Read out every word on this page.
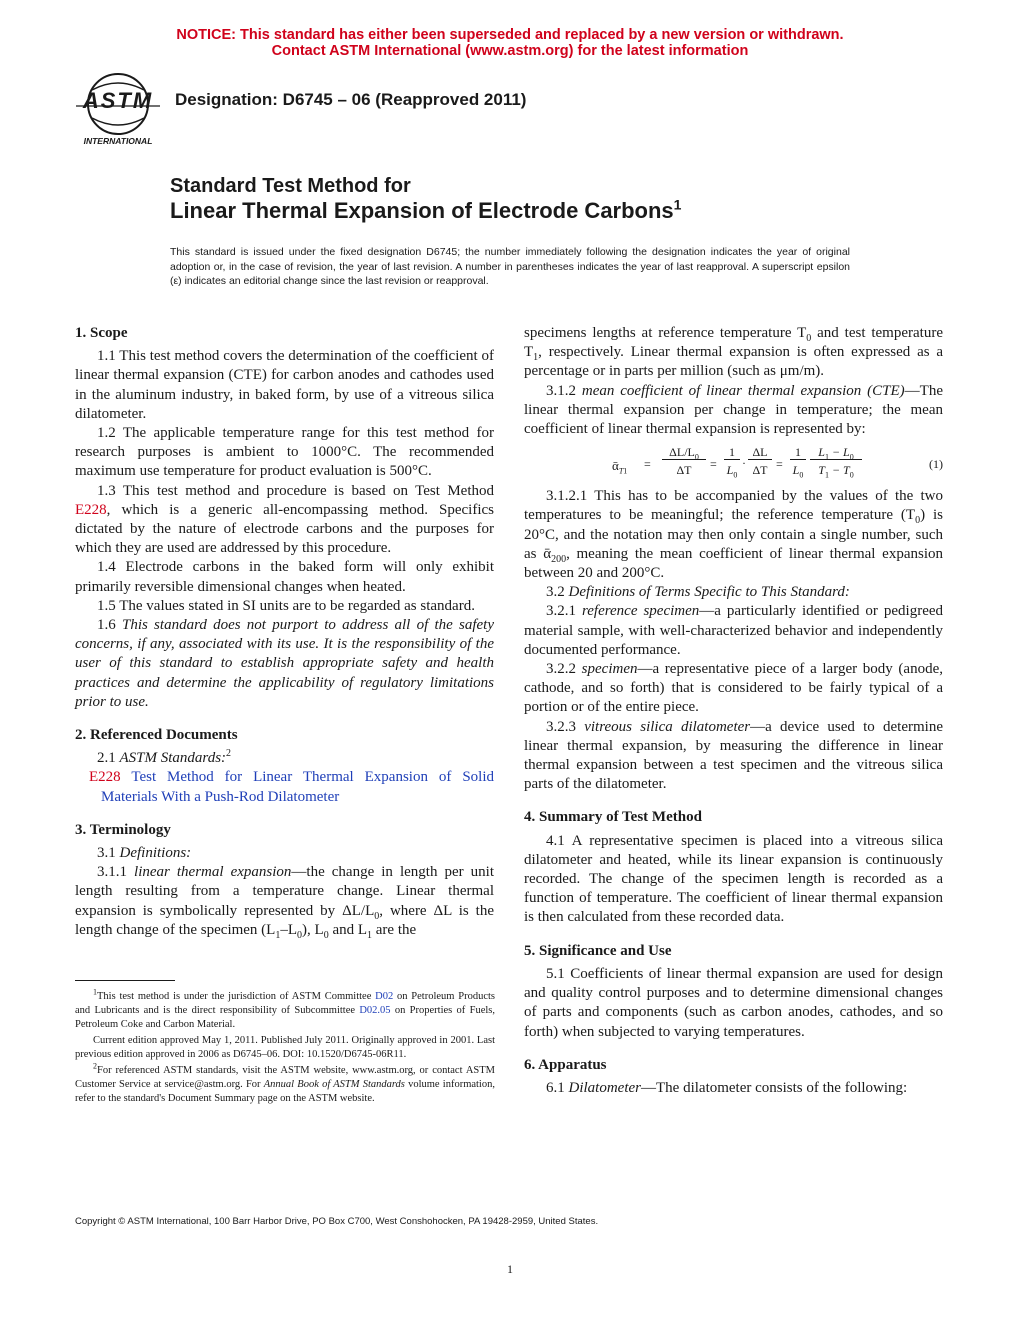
NOTICE: This standard has either been superseded and replaced by a new version or withdrawn.
Contact ASTM International (www.astm.org) for the latest information
ASTM
INTERNATIONAL
Designation: D6745 – 06 (Reapproved 2011)
Standard Test Method for
Linear Thermal Expansion of Electrode Carbons$^1$
This standard is issued under the fixed designation D6745; the number immediately following the designation indicates the year of original adoption or, in the case of revision, the year of last revision. A number in parentheses indicates the year of last reapproval. A superscript epsilon (ε) indicates an editorial change since the last revision or reapproval.
1. Scope

1.1 This test method covers the determination of the coefficient of linear thermal expansion (CTE) for carbon anodes and cathodes used in the aluminum industry, in baked form, by use of a vitreous silica dilatometer.

1.2 The applicable temperature range for this test method for research purposes is ambient to 1000°C. The recommended maximum use temperature for product evaluation is 500°C.

1.3 This test method and procedure is based on Test Method E228, which is a generic all-encompassing method. Specifics dictated by the nature of electrode carbons and the purposes for which they are used are addressed by this procedure.

1.4 Electrode carbons in the baked form will only exhibit primarily reversible dimensional changes when heated.

1.5 The values stated in SI units are to be regarded as standard.

1.6 This standard does not purport to address all of the safety concerns, if any, associated with its use. It is the responsibility of the user of this standard to establish appropriate safety and health practices and determine the applicability of regulatory limitations prior to use.

2. Referenced Documents

2.1 ASTM Standards:$^2$

E228 Test Method for Linear Thermal Expansion of Solid Materials With a Push-Rod Dilatometer

3. Terminology

3.1 Definitions:

3.1.1 linear thermal expansion—the change in length per unit length resulting from a temperature change. Linear thermal expansion is symbolically represented by $\Delta L/L_0$, where ΔL is the length change of the specimen $(L_1-L_0)$, $L_0$ and $L_1$ are the

$^1$This test method is under the jurisdiction of ASTM Committee D02 on Petroleum Products and Lubricants and is the direct responsibility of Subcommittee D02.05 on Properties of Fuels, Petroleum Coke and Carbon Material.

Current edition approved May 1, 2011. Published July 2011. Originally approved in 2001. Last previous edition approved in 2006 as D6745–06. DOI: 10.1520/D6745-06R11.

$^2$For referenced ASTM standards, visit the ASTM website, www.astm.org, or contact ASTM Customer Service at service@astm.org. For Annual Book of ASTM Standards volume information, refer to the standard's Document Summary page on the ASTM website.

specimens lengths at reference temperature $T_0$ and test temperature $T_1$, respectively. Linear thermal expansion is often expressed as a percentage or in parts per million (such as μm/m).

3.1.2 mean coefficient of linear thermal expansion (CTE)—The linear thermal expansion per change in temperature; the mean coefficient of linear thermal expansion is represented by:

ᾱ$_{T1}$
=
$\Delta L/L_0$
ΔT	=
1
$L_0$
·
ΔL
ΔT =
1
$L_0$
$L_1 - L_0$
$T_1 - T_0$
(1)

3.1.2.1 This has to be accompanied by the values of the two temperatures to be meaningful; the reference temperature $(T_0)$ is 20°C, and the notation may then only contain a single number, such as ᾱ$_{200}$, meaning the mean coefficient of linear thermal expansion between 20 and 200°C.

3.2 Definitions of Terms Specific to This Standard:

3.2.1 reference specimen—a particularly identified or pedigreed material sample, with well-characterized behavior and independently documented performance.

3.2.2 specimen—a representative piece of a larger body (anode, cathode, and so forth) that is considered to be fairly typical of a portion or of the entire piece.

3.2.3 vitreous silica dilatometer—a device used to determine linear thermal expansion, by measuring the difference in linear thermal expansion between a test specimen and the vitreous silica parts of the dilatometer.

4. Summary of Test Method

4.1 A representative specimen is placed into a vitreous silica dilatometer and heated, while its linear expansion is continuously recorded. The change of the specimen length is recorded as a function of temperature. The coefficient of linear thermal expansion is then calculated from these recorded data.

5. Significance and Use

5.1 Coefficients of linear thermal expansion are used for design and quality control purposes and to determine dimensional changes of parts and components (such as carbon anodes, cathodes, and so forth) when subjected to varying temperatures.

6. Apparatus

6.1 Dilatometer—The dilatometer consists of the following:

Copyright © ASTM International, 100 Barr Harbor Drive, PO Box C700, West Conshohocken, PA 19428-2959, United States.
1
